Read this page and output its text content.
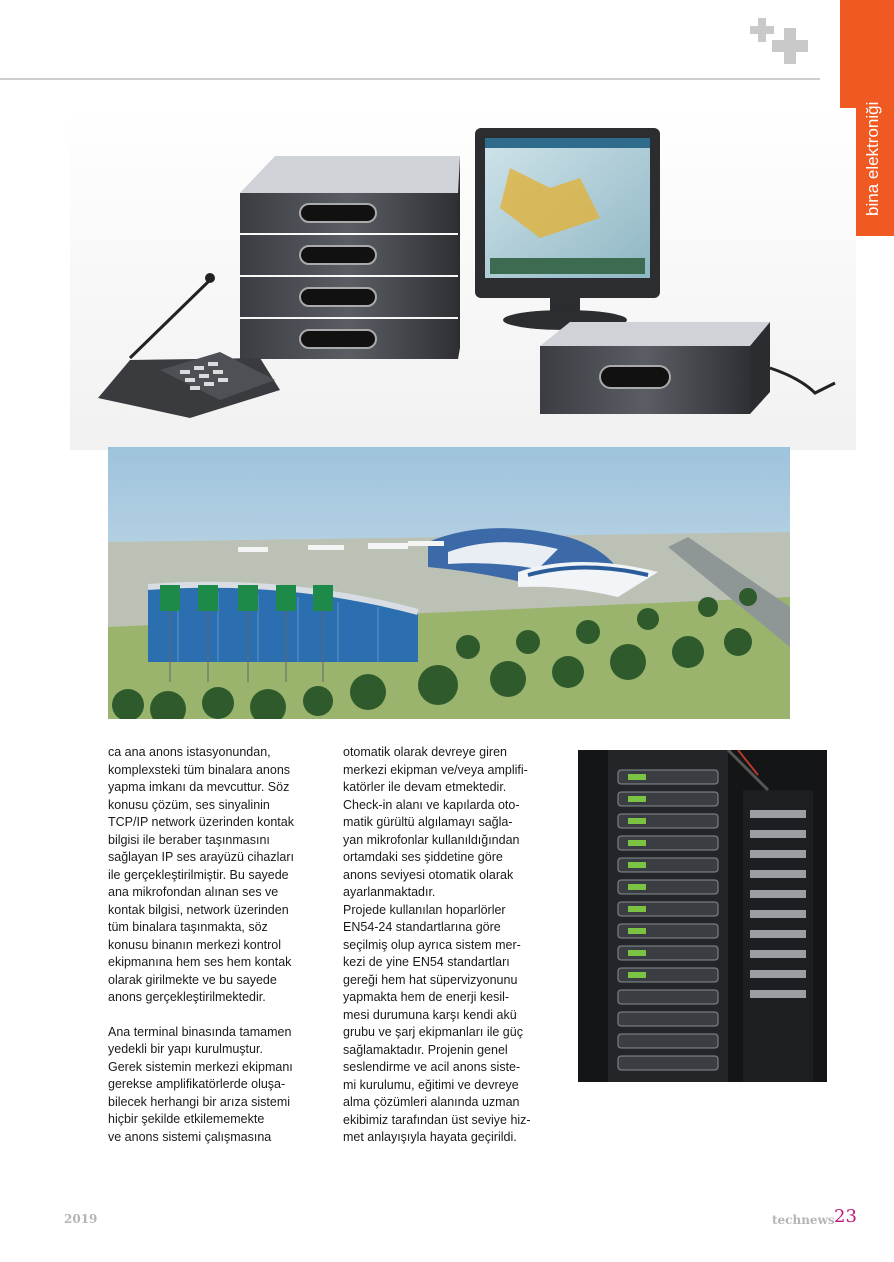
bina elektroniği

ca ana anons istasyonundan,
komplexsteki tüm binalara anons
yapma imkanı da mevcuttur. Söz
konusu çözüm, ses sinyalinin
TCP/IP network üzerinden kontak
bilgisi ile beraber taşınmasını
sağlayan IP ses arayüzü cihazları
ile gerçekleştirilmiştir. Bu sayede
ana mikrofondan alınan ses ve
kontak bilgisi, network üzerinden
tüm binalara taşınmakta, söz
konusu binanın merkezi kontrol
ekipmanına hem ses hem kontak
olarak girilmekte ve bu sayede
anons gerçekleştirilmektedir.

Ana terminal binasında tamamen
yedekli bir yapı kurulmuştur.
Gerek sistemin merkezi ekipmanı
gerekse amplifikatörlerde oluşa-
bilecek herhangi bir arıza sistemi
hiçbir şekilde etkilememekte
ve anons sistemi çalışmasına

otomatik olarak devreye giren
merkezi ekipman ve/veya amplifi-
katörler ile devam etmektedir.
Check-in alanı ve kapılarda oto-
matik gürültü algılamayı sağla-
yan mikrofonlar kullanıldığından
ortamdaki ses şiddetine göre
anons seviyesi otomatik olarak
ayarlanmaktadır.

Projede kullanılan hoparlörler
EN54-24 standartlarına göre
seçilmiş olup ayrıca sistem mer-
kezi de yine EN54 standartları
gereği hem hat süpervizyonunu
yapmakta hem de enerji kesil-
mesi durumuna karşı kendi akü
grubu ve şarj ekipmanları ile güç
sağlamaktadır. Projenin genel
seslendirme ve acil anons siste-
mi kurulumu, eğitimi ve devreye
alma çözümleri alanında uzman
ekibimiz tarafından üst seviye hiz-
met anlayışıyla hayata geçirildi.

2019	technews 23
